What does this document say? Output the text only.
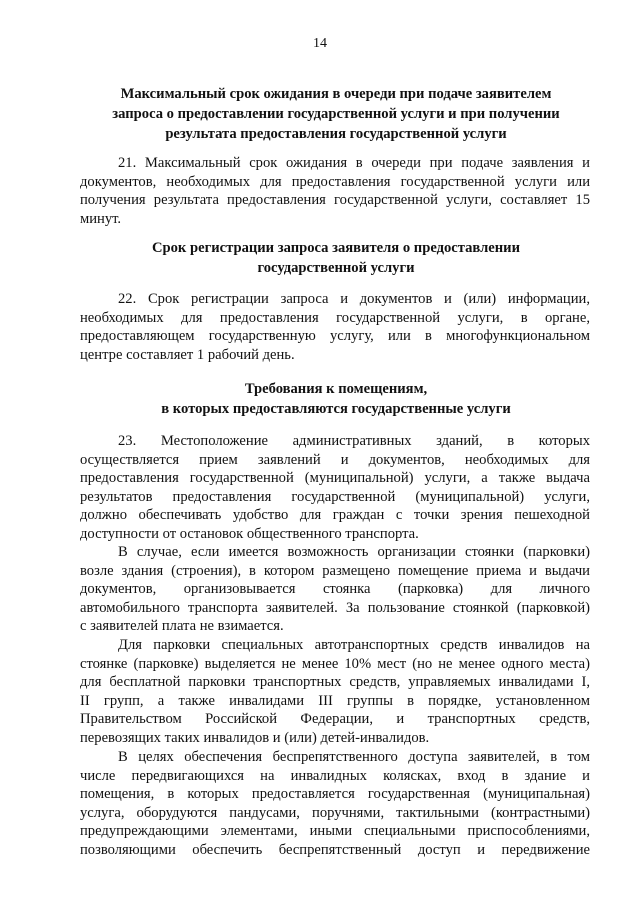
14
Максимальный срок ожидания в очереди при подаче заявителем
запроса о предоставлении государственной услуги и при получении
результата предоставления государственной услуги
21. Максимальный срок ожидания в очереди при подаче заявления и
документов, необходимых для предоставления государственной услуги или
получения результата предоставления государственной услуги, составляет 15
минут.
Срок регистрации запроса заявителя о предоставлении
государственной услуги
22. Срок регистрации запроса и документов и (или) информации,
необходимых для предоставления государственной услуги, в органе,
предоставляющем государственную услугу, или в многофункциональном
центре составляет 1 рабочий день.
Требования к помещениям,
в которых предоставляются государственные услуги
23. Местоположение административных зданий, в которых
осуществляется прием заявлений и документов, необходимых для
предоставления государственной (муниципальной) услуги, а также выдача
результатов предоставления государственной (муниципальной) услуги,
должно обеспечивать удобство для граждан с точки зрения пешеходной
доступности от остановок общественного транспорта.
В случае, если имеется возможность организации стоянки (парковки)
возле здания (строения), в котором размещено помещение приема и выдачи
документов, организовывается стоянка (парковка) для личного
автомобильного транспорта заявителей. За пользование стоянкой (парковкой)
с заявителей плата не взимается.
Для парковки специальных автотранспортных средств инвалидов на
стоянке (парковке) выделяется не менее 10% мест (но не менее одного места)
для бесплатной парковки транспортных средств, управляемых инвалидами I,
II групп, а также инвалидами III группы в порядке, установленном
Правительством Российской Федерации, и транспортных средств,
перевозящих таких инвалидов и (или) детей-инвалидов.
В целях обеспечения беспрепятственного доступа заявителей, в том
числе передвигающихся на инвалидных колясках, вход в здание и
помещения, в которых предоставляется государственная (муниципальная)
услуга, оборудуются пандусами, поручнями, тактильными (контрастными)
предупреждающими элементами, иными специальными приспособлениями,
позволяющими обеспечить беспрепятственный доступ и передвижение
